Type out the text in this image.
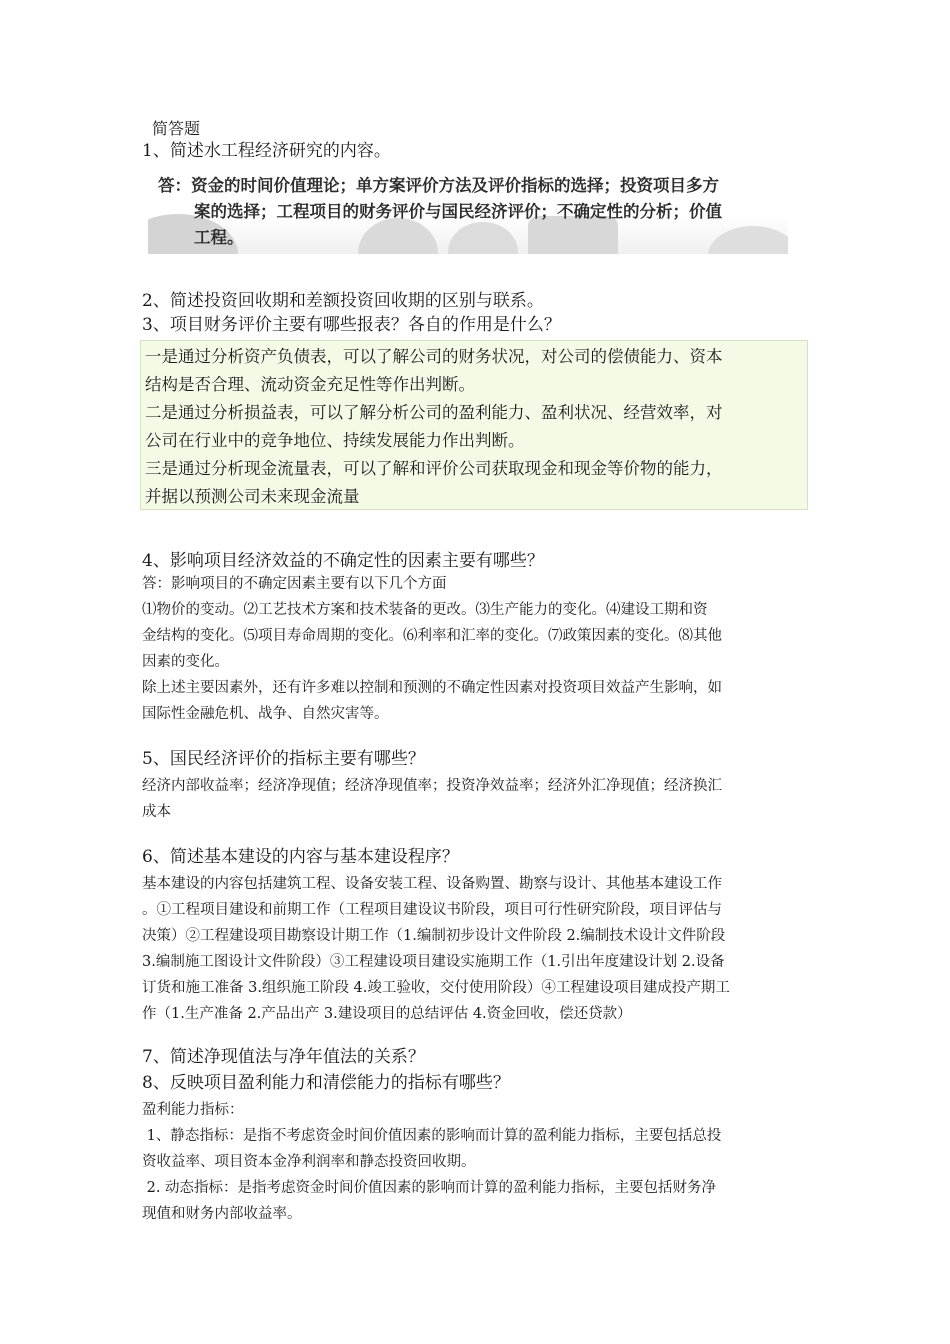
简答题
1、简述水工程经济研究的内容。
答：资金的时间价值理论；单方案评价方法及评价指标的选择；投资项目多方
案的选择；工程项目的财务评价与国民经济评价；不确定性的分析；价值
工程。
2、简述投资回收期和差额投资回收期的区别与联系。
3、项目财务评价主要有哪些报表？各自的作用是什么？
一是通过分析资产负债表，可以了解公司的财务状况，对公司的偿债能力、资本
结构是否合理、流动资金充足性等作出判断。
二是通过分析损益表，可以了解分析公司的盈利能力、盈利状况、经营效率，对
公司在行业中的竞争地位、持续发展能力作出判断。
三是通过分析现金流量表，可以了解和评价公司获取现金和现金等价物的能力，
并据以预测公司未来现金流量
4、影响项目经济效益的不确定性的因素主要有哪些？
答：影响项目的不确定因素主要有以下几个方面
⑴物价的变动。⑵工艺技术方案和技术装备的更改。⑶生产能力的变化。⑷建设工期和资
金结构的变化。⑸项目寿命周期的变化。⑹利率和汇率的变化。⑺政策因素的变化。⑻其他
因素的变化。
除上述主要因素外，还有许多难以控制和预测的不确定性因素对投资项目效益产生影响，如
国际性金融危机、战争、自然灾害等。
5、国民经济评价的指标主要有哪些？
经济内部收益率；经济净现值；经济净现值率；投资净效益率；经济外汇净现值；经济换汇
成本
6、简述基本建设的内容与基本建设程序？
基本建设的内容包括建筑工程、设备安装工程、设备购置、勘察与设计、其他基本建设工作
。①工程项目建设和前期工作（工程项目建设议书阶段，项目可行性研究阶段，项目评估与
决策）②工程建设项目勘察设计期工作（1.编制初步设计文件阶段 2.编制技术设计文件阶段
3.编制施工图设计文件阶段）③工程建设项目建设实施期工作（1.引出年度建设计划 2.设备
订货和施工准备 3.组织施工阶段 4.竣工验收，交付使用阶段）④工程建设项目建成投产期工
作（1.生产准备 2.产品出产 3.建设项目的总结评估 4.资金回收，偿还贷款）
7、简述净现值法与净年值法的关系？
8、反映项目盈利能力和清偿能力的指标有哪些？
盈利能力指标：
1、静态指标：是指不考虑资金时间价值因素的影响而计算的盈利能力指标，主要包括总投
资收益率、项目资本金净利润率和静态投资回收期。
2. 动态指标：是指考虑资金时间价值因素的影响而计算的盈利能力指标，主要包括财务净
现值和财务内部收益率。
